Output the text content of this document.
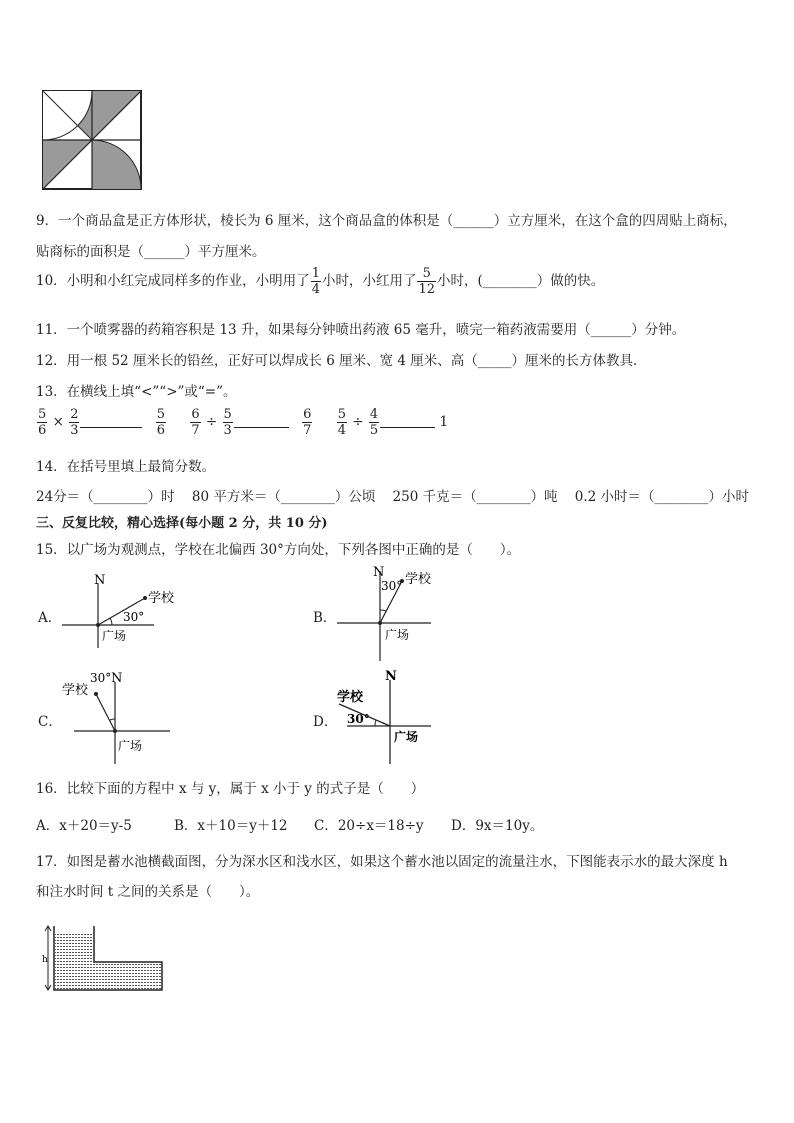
9．一个商品盒是正方体形状，棱长为 6 厘米，这个商品盒的体积是（______）立方厘米，在这个盒的四周贴上商标，
贴商标的面积是（______）平方厘米。
10．小明和小红完成同样多的作业，小明用了 $\frac{1}{4}$ 小时，小红用了 $\frac{5}{12}$ 小时，(________）做的快。
11．一个喷雾器的药箱容积是 13 升，如果每分钟喷出药液 65 毫升，喷完一箱药液需要用（______）分钟。
12．用一根 52 厘米长的铅丝，正好可以焊成长 6 厘米、宽 4 厘米、高（_____）厘米的长方体教具．
13．在横线上填“<”“>”或“=”。
$\frac{5}{6} \times \frac{2}{3}$
	$\frac{5}{6}$
$\frac{6}{7} \div \frac{5}{3}$
	$\frac{6}{7}$
$\frac{5}{4} \div \frac{4}{5}$	1
14．在括号里填上最简分数。
24分＝（________）时 80 平方米＝（________）公顷 250 千克＝（________）吨 0.2 小时＝（________）小时
三、反复比较，精心选择(每小题 2 分，共 10 分)
15．以广场为观测点，学校在北偏西 30°方向处，下列各图中正确的是（　　）。
A．
N
学校
30°
广场
B．
N 学校
30°
广场
C．
N
学校
30°
广场
D．
N
学校
30°
广场
16．比较下面的方程中 x 与 y，属于 x 小于 y 的式子是（　　）
A．x＋20＝y-5	B．x＋10＝y＋12 C．20÷x＝18÷y D．9x＝10y。
17．如图是蓄水池横截面图，分为深水区和浅水区，如果这个蓄水池以固定的流量注水，下图能表示水的最大深度 h
和注水时间 t 之间的关系是（　　）。
h
